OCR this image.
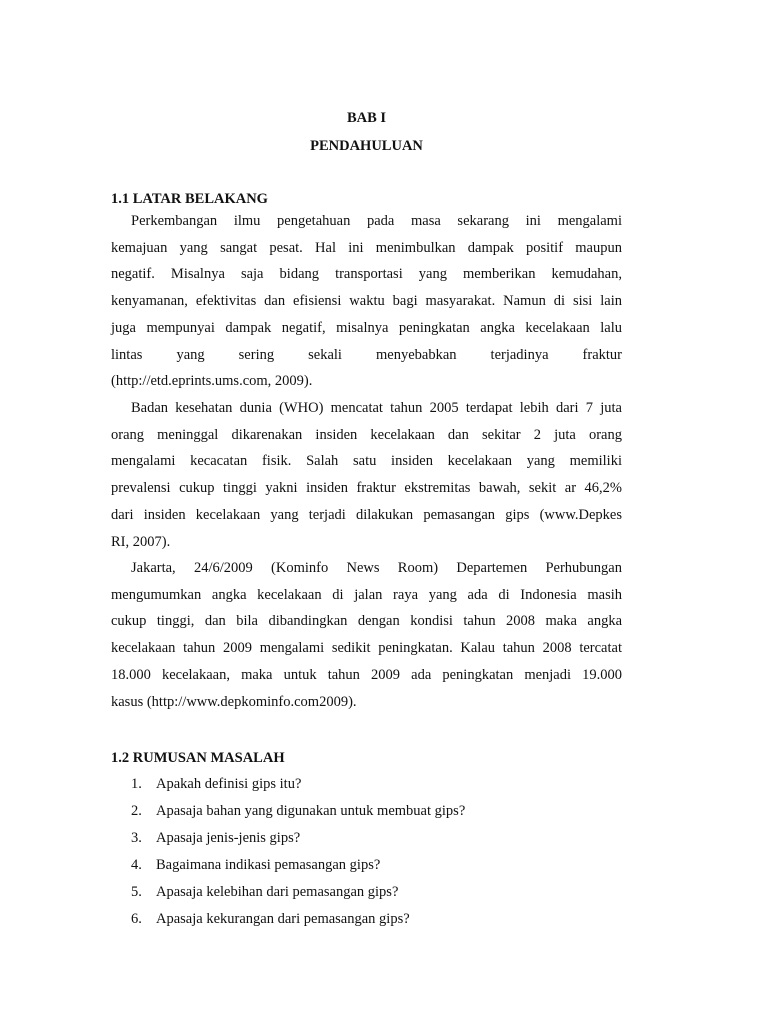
BAB I
PENDAHULUAN
1.1 LATAR BELAKANG
Perkembangan ilmu pengetahuan pada masa sekarang ini mengalami
kemajuan yang sangat pesat. Hal ini menimbulkan dampak positif maupun
negatif. Misalnya saja bidang transportasi yang memberikan kemudahan,
kenyamanan, efektivitas dan efisiensi waktu bagi masyarakat. Namun di sisi lain
juga mempunyai dampak negatif, misalnya peningkatan angka kecelakaan lalu
lintas yang sering sekali menyebabkan terjadinya fraktur
(http://etd.eprints.ums.com, 2009).
Badan kesehatan dunia (WHO) mencatat tahun 2005 terdapat lebih dari 7 juta
orang meninggal dikarenakan insiden kecelakaan dan sekitar 2 juta orang
mengalami kecacatan fisik. Salah satu insiden kecelakaan yang memiliki
prevalensi cukup tinggi yakni insiden fraktur ekstremitas bawah, sekit ar 46,2%
dari insiden kecelakaan yang terjadi dilakukan pemasangan gips (www.Depkes
RI, 2007).
Jakarta, 24/6/2009 (Kominfo News Room) Departemen Perhubungan
mengumumkan angka kecelakaan di jalan raya yang ada di Indonesia masih
cukup tinggi, dan bila dibandingkan dengan kondisi tahun 2008 maka angka
kecelakaan tahun 2009 mengalami sedikit peningkatan. Kalau tahun 2008 tercatat
18.000 kecelakaan, maka untuk tahun 2009 ada peningkatan menjadi 19.000
kasus (http://www.depkominfo.com2009).
1.2 RUMUSAN MASALAH
1. Apakah definisi gips itu?
2. Apasaja bahan yang digunakan untuk membuat gips?
3. Apasaja jenis-jenis gips?
4. Bagaimana indikasi pemasangan gips?
5. Apasaja kelebihan dari pemasangan gips?
6. Apasaja kekurangan dari pemasangan gips?
